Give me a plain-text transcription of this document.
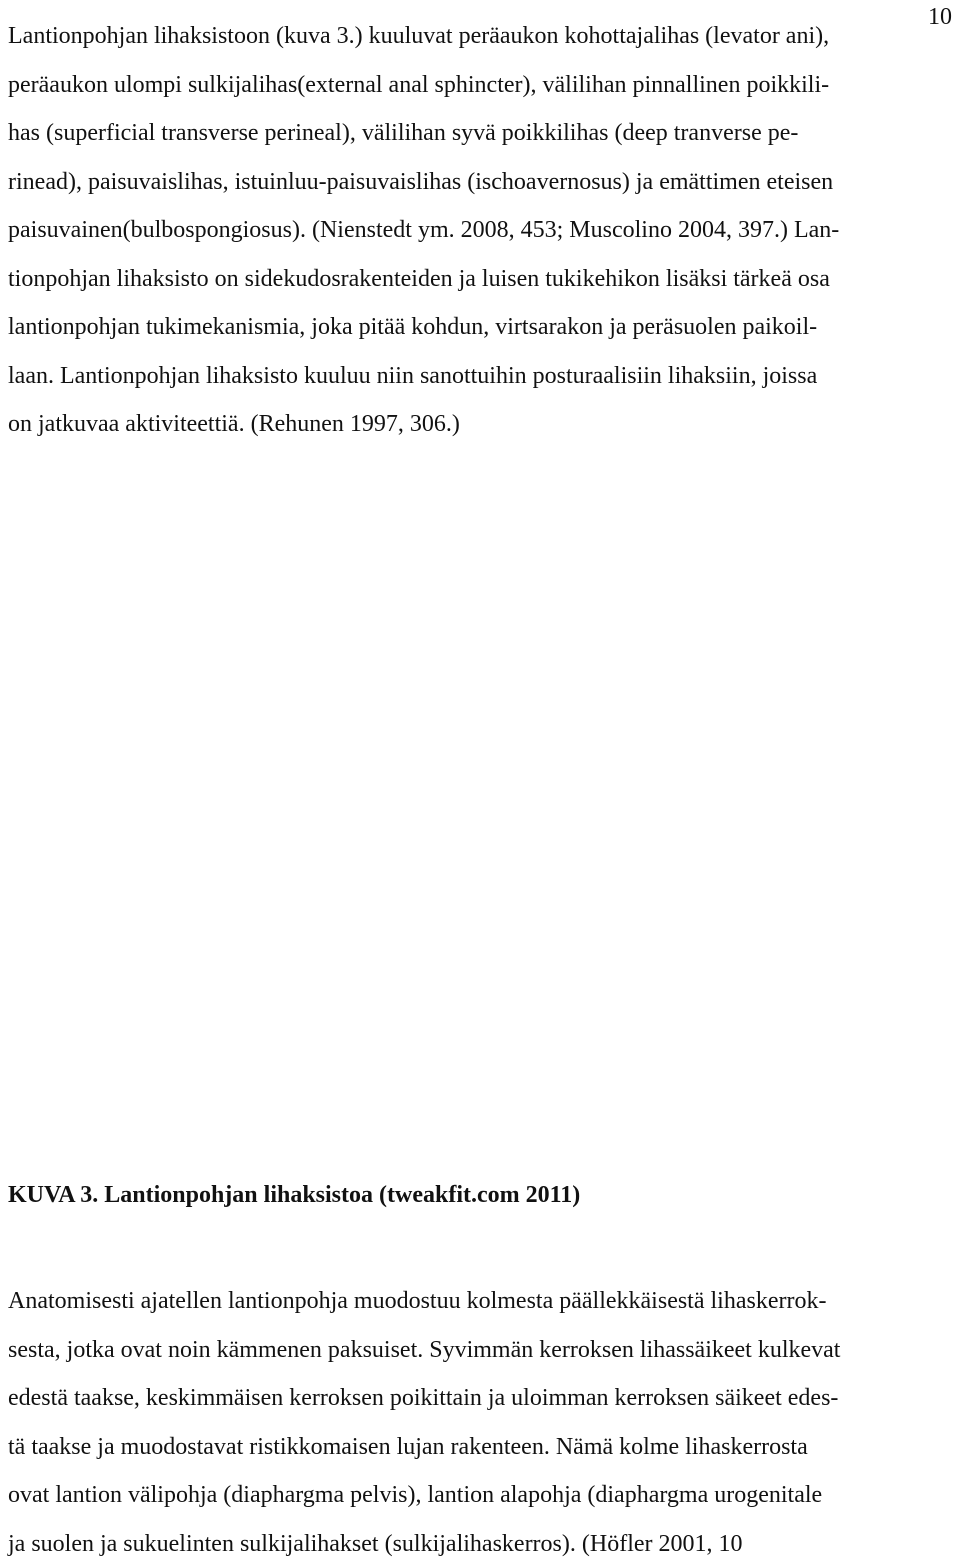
10
Lantionpohjan lihaksistoon (kuva 3.) kuuluvat peräaukon kohottajalihas (levator ani),
peräaukon ulompi sulkijalihas(external anal sphincter), välilihan pinnallinen poikkili-
has (superficial transverse perineal), välilihan syvä poikkilihas (deep tranverse pe-
rinead), paisuvaislihas, istuinluu-paisuvaislihas (ischoavernosus) ja emättimen eteisen
paisuvainen(bulbospongiosus). (Nienstedt ym. 2008, 453; Muscolino 2004, 397.) Lan-
tionpohjan lihaksisto on sidekudosrakenteiden ja luisen tukikehikon lisäksi tärkeä osa
lantionpohjan tukimekanismia, joka pitää kohdun, virtsarakon ja peräsuolen paikoil-
laan. Lantionpohjan lihaksisto kuuluu niin sanottuihin posturaalisiin lihaksiin, joissa
on jatkuvaa aktiviteettiä. (Rehunen 1997, 306.)
KUVA 3. Lantionpohjan lihaksistoa (tweakfit.com 2011)
Anatomisesti ajatellen lantionpohja muodostuu kolmesta päällekkäisestä lihaskerrok-
sesta, jotka ovat noin kämmenen paksuiset. Syvimmän kerroksen lihassäikeet kulkevat
edestä taakse, keskimmäisen kerroksen poikittain ja uloimman kerroksen säikeet edes-
tä taakse ja muodostavat ristikkomaisen lujan rakenteen. Nämä kolme lihaskerrosta
ovat lantion välipohja (diaphargma pelvis), lantion alapohja (diaphargma urogenitale
ja suolen ja sukuelinten sulkijalihakset (sulkijalihaskerros). (Höfler 2001, 10
